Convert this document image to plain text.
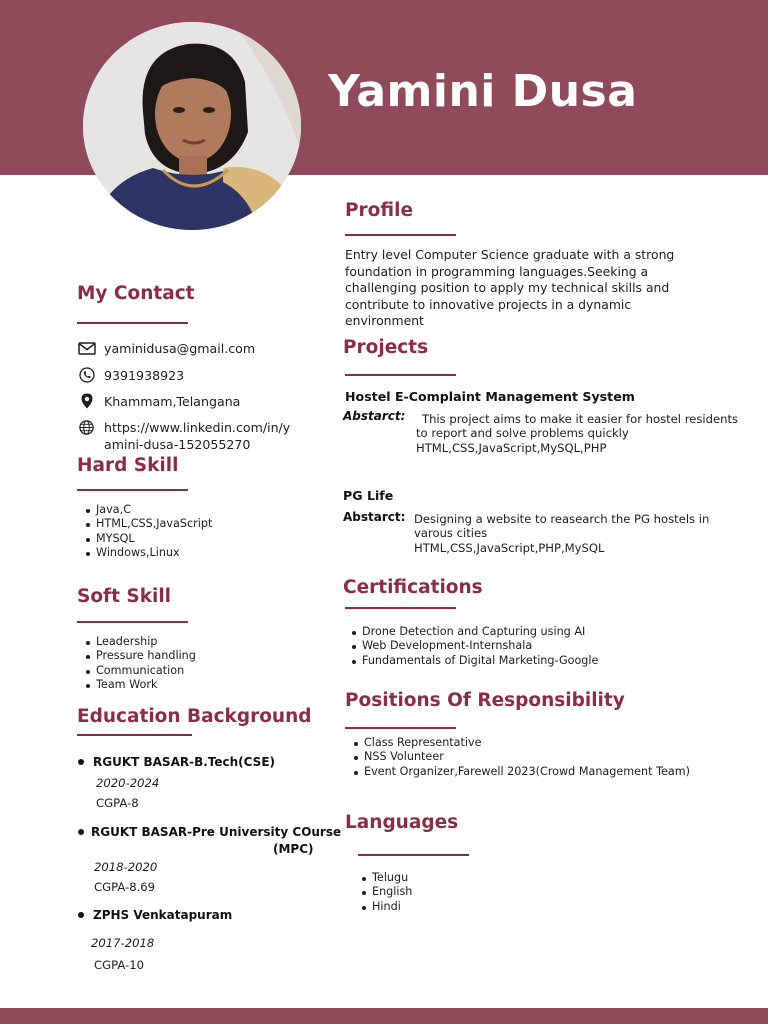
Yamini Dusa
My Contact
yaminidusa@gmail.com
9391938923
Khammam,Telangana
https://www.linkedin.com/in/y
amini-dusa-152055270
Hard Skill
Java,C
HTML,CSS,JavaScript
MYSQL
Windows,Linux
Soft Skill
Leadership
Pressure handling
Communication
Team Work
Education Background
RGUKT BASAR-B.Tech(CSE)
2020-2024
CGPA-8
RGUKT BASAR-Pre University COurse
(MPC)
2018-2020
CGPA-8.69
ZPHS Venkatapuram
2017-2018
CGPA-10
Profile
Entry level Computer Science graduate with a strong
foundation in programming languages.Seeking a
challenging position to apply my technical skills and
contribute to innovative projects in a dynamic
environment
Projects
Hostel E-Complaint Management System
Abstarct:	This project aims to make it easier for hostel residents
to report and solve problems quickly
HTML,CSS,JavaScript,MySQL,PHP
PG Life
Abstarct: Designing a website to reasearch the PG hostels in
varous cities
HTML,CSS,JavaScript,PHP,MySQL
Certifications
Drone Detection and Capturing using AI
Web Development-Internshala
Fundamentals of Digital Marketing-Google
Positions Of Responsibility
Class Representative
NSS Volunteer
Event Organizer,Farewell 2023(Crowd Management Team)
Languages
Telugu
English
Hindi
